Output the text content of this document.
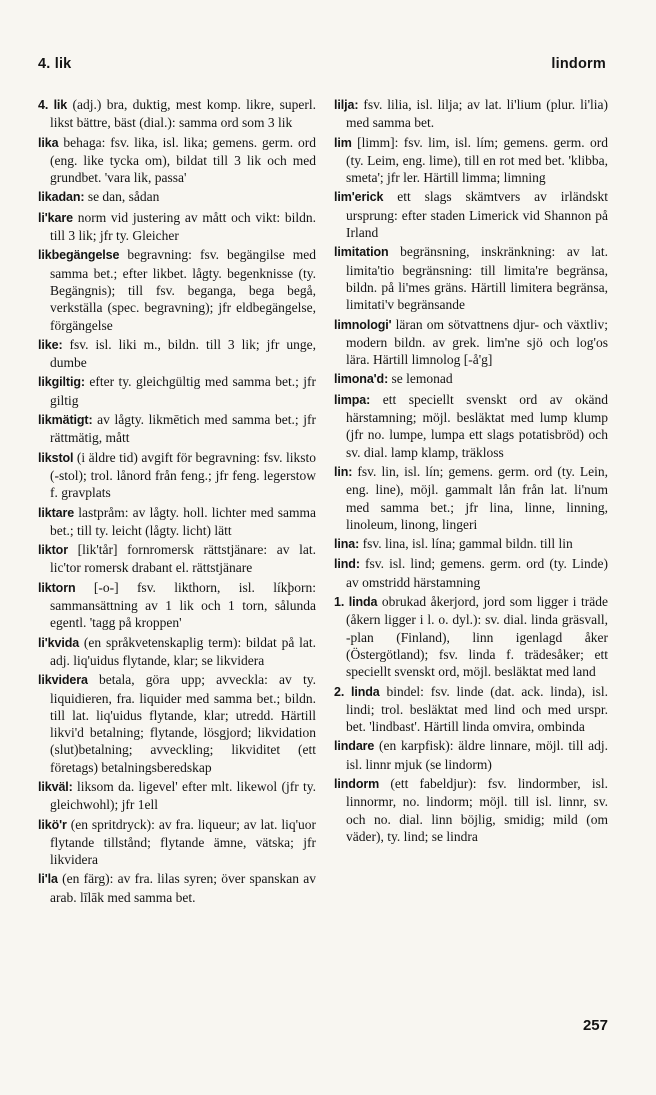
4. lik	lindorm

4. lik (adj.) bra, duktig, mest komp. likre, superl. likst bättre, bäst (dial.): samma ord som 3 lik

lika behaga: fsv. lika, isl. lika; gemens. germ. ord (eng. like tycka om), bildat till 3 lik och med grundbet. 'vara lik, passa'

likadan: se dan, sådan

li'kare norm vid justering av mått och vikt: bildn. till 3 lik; jfr ty. Gleicher

likbegängelse begravning: fsv. begängilse med samma bet.; efter likbet. lågty. begenknisse (ty. Begängnis); till fsv. beganga, bega begå, verkställa (spec. begravning); jfr eldbegängelse, förgängelse

like: fsv. isl. liki m., bildn. till 3 lik; jfr unge, dumbe

likgiltig: efter ty. gleichgültig med samma bet.; jfr giltig

likmätigt: av lågty. likmētich med samma bet.; jfr rättmätig, mått

likstol (i äldre tid) avgift för begravning: fsv. liksto (-stol); trol. lånord från feng.; jfr feng. legerstow f. gravplats

liktare lastpråm: av lågty. holl. lichter med samma bet.; till ty. leicht (lågty. licht) lätt

liktor [lik'tår] fornromersk rättstjänare: av lat. lic'tor romersk drabant el. rättstjänare

liktorn [-o-] fsv. likthorn, isl. líkþorn: sammansättning av 1 lik och 1 torn, sålunda egentl. 'tagg på kroppen'

li'kvida (en språkvetenskaplig term): bildat på lat. adj. liq'uidus flytande, klar; se likvidera

likvidera betala, göra upp; avveckla: av ty. liquidieren, fra. liquider med samma bet.; bildn. till lat. liq'uidus flytande, klar; utredd. Härtill likvi'd betalning; flytande, lösgjord; likvidation (slut)betalning; avveckling; likviditet (ett företags) betalningsberedskap

likväl: liksom da. ligevel' efter mlt. likewol (jfr ty. gleichwohl); jfr 1ell

likö'r (en spritdryck): av fra. liqueur; av lat. liq'uor flytande tillstånd; flytande ämne, vätska; jfr likvidera

li'la (en färg): av fra. lilas syren; över spanskan av arab. līlāk med samma bet.

lilja: fsv. lilia, isl. lilja; av lat. li'lium (plur. li'lia) med samma bet.

lim [limm]: fsv. lim, isl. lím; gemens. germ. ord (ty. Leim, eng. lime), till en rot med bet. 'klibba, smeta'; jfr ler. Härtill limma; limning

lim'erick ett slags skämtvers av irländskt ursprung: efter staden Limerick vid Shannon på Irland

limitation begränsning, inskränkning: av lat. limita'tio begränsning: till limita're begränsa, bildn. på li'mes gräns. Härtill limitera begränsa, limitati'v begränsande

limnologi' läran om sötvattnens djur- och växtliv; modern bildn. av grek. lim'ne sjö och log'os lära. Härtill limnolog [-å'g]

limona'd: se lemonad

limpa: ett speciellt svenskt ord av okänd härstamning; möjl. besläktat med lump klump (jfr no. lumpe, lumpa ett slags potatisbröd) och sv. dial. lamp klamp, träkloss

lin: fsv. lin, isl. lín; gemens. germ. ord (ty. Lein, eng. line), möjl. gammalt lån från lat. li'num med samma bet.; jfr lina, linne, linning, linoleum, linong, lingeri

lina: fsv. lina, isl. lína; gammal bildn. till lin

lind: fsv. isl. lind; gemens. germ. ord (ty. Linde) av omstridd härstamning

1. linda obrukad åkerjord, jord som ligger i träde (åkern ligger i l. o. dyl.): sv. dial. linda gräsvall, -plan (Finland), linn igenlagd åker (Östergötland); fsv. linda f. trädesåker; ett speciellt svenskt ord, möjl. besläktat med land

2. linda bindel: fsv. linde (dat. ack. linda), isl. lindi; trol. besläktat med lind och med urspr. bet. 'lindbast'. Härtill linda omvira, ombinda

lindare (en karpfisk): äldre linnare, möjl. till adj. isl. linnr mjuk (se lindorm)

lindorm (ett fabeldjur): fsv. lindormber, isl. linnormr, no. lindorm; möjl. till isl. linnr, sv. och no. dial. linn böjlig, smidig; mild (om väder), ty. lind; se lindra

257
